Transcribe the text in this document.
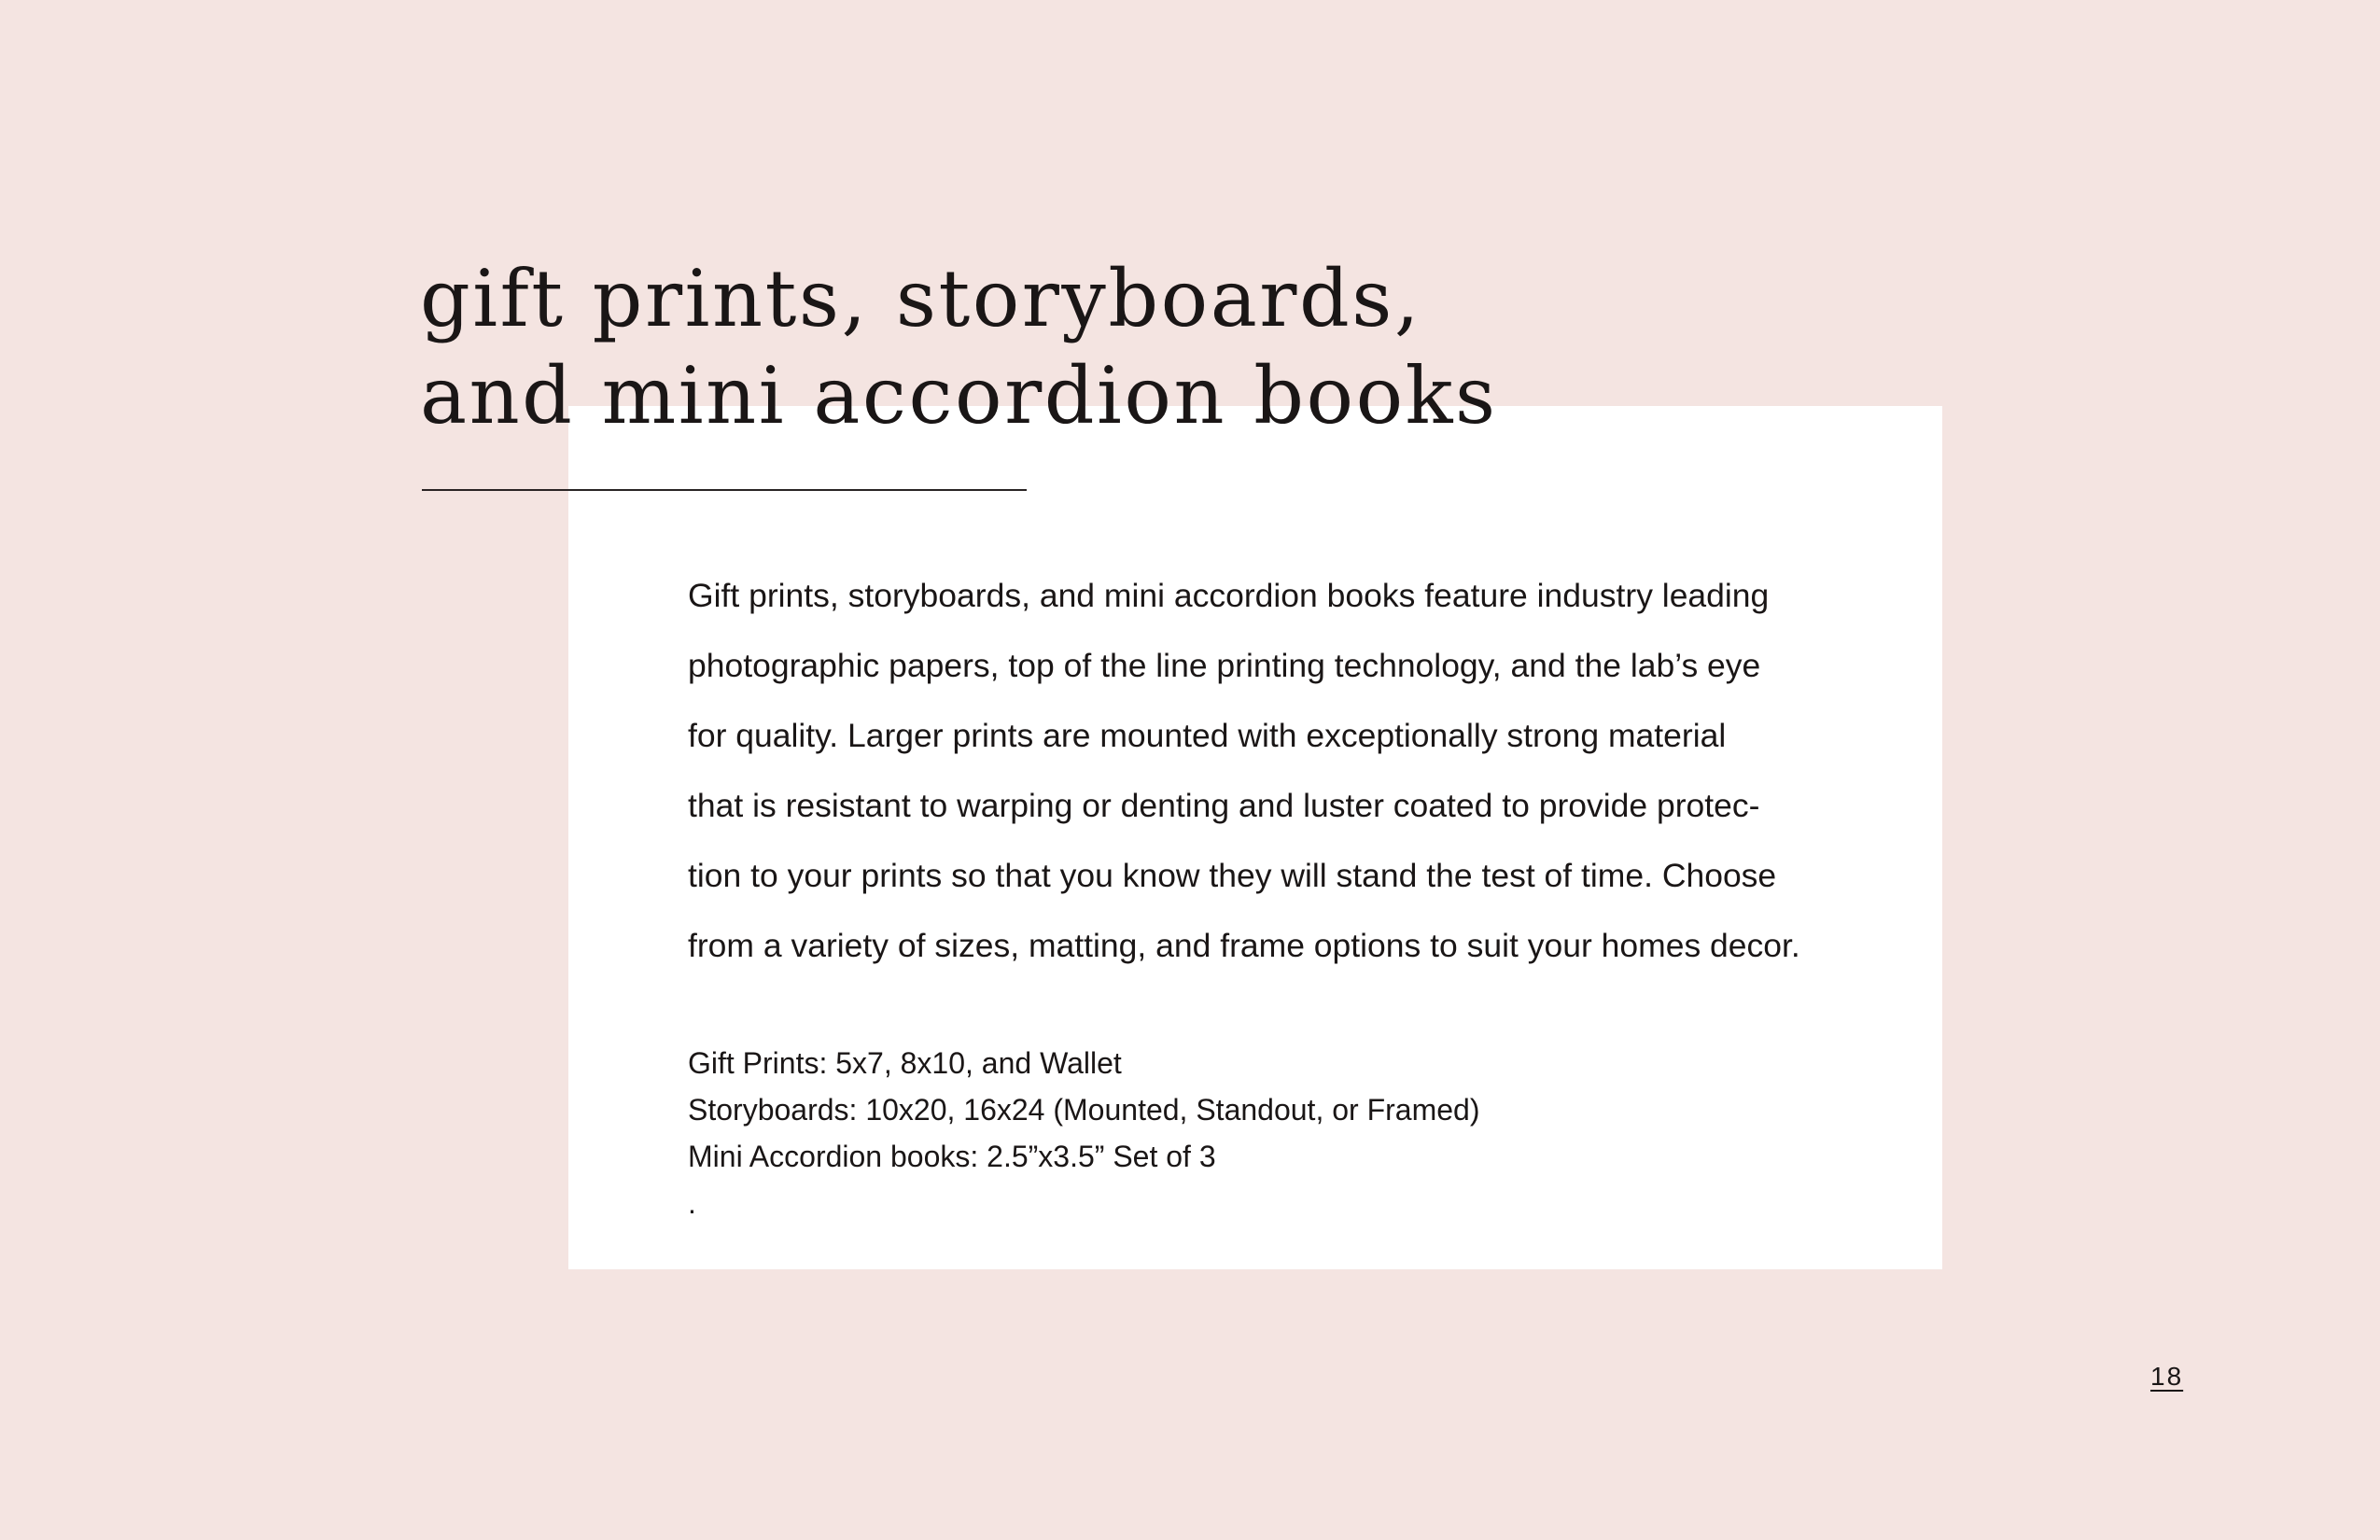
gift prints, storyboards,
and mini accordion books

Gift prints, storyboards, and mini accordion books feature industry leading
photographic papers, top of the line printing technology, and the lab’s eye
for quality. Larger prints are mounted with exceptionally strong material
that is resistant to warping or denting and luster coated to provide protec-
tion to your prints so that you know they will stand the test of time. Choose
from a variety of sizes, matting, and frame options to suit your homes decor.

Gift Prints: 5x7, 8x10, and Wallet
Storyboards: 10x20, 16x24 (Mounted, Standout, or Framed)
Mini Accordion books: 2.5”x3.5” Set of 3
.
18
